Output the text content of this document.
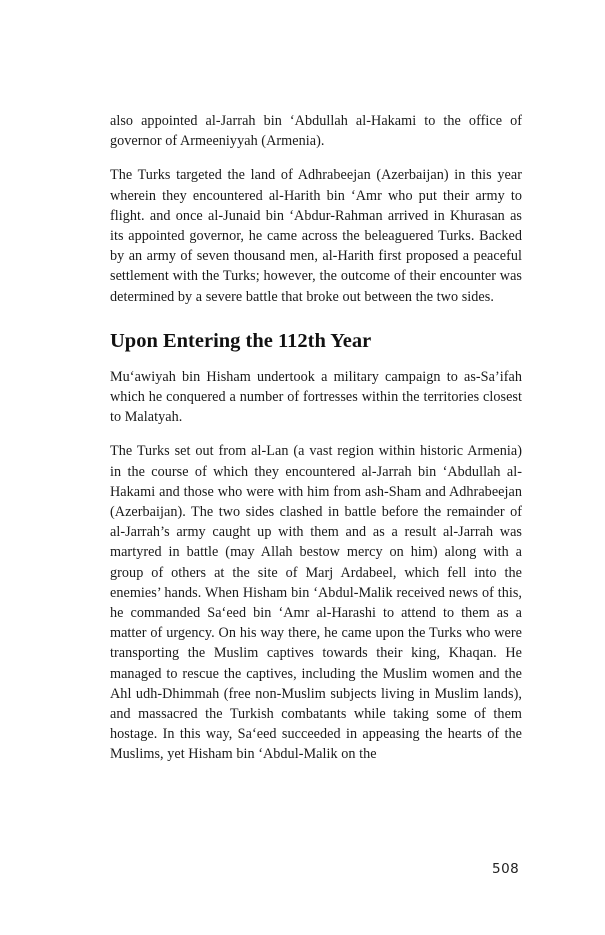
also appointed al-Jarrah bin ‘Abdullah al-Hakami to the office of governor of Armeeniyyah (Armenia).

The Turks targeted the land of Adhrabeejan (Azerbaijan) in this year wherein they encountered al-Harith bin ‘Amr who put their army to flight. and once al-Junaid bin ‘Abdur-Rahman arrived in Khurasan as its appointed governor, he came across the beleaguered Turks. Backed by an army of seven thousand men, al-Harith first proposed a peaceful settlement with the Turks; however, the outcome of their encounter was determined by a severe battle that broke out between the two sides.

Upon Entering the 112th Year

Mu‘awiyah bin Hisham undertook a military campaign to as-Sa’ifah which he conquered a number of fortresses within the territories closest to Malatyah.

The Turks set out from al-Lan (a vast region within historic Armenia) in the course of which they encountered al-Jarrah bin ‘Abdullah al-Hakami and those who were with him from ash-Sham and Adhrabeejan (Azerbaijan). The two sides clashed in battle before the remainder of al-Jarrah’s army caught up with them and as a result al-Jarrah was martyred in battle (may Allah bestow mercy on him) along with a group of others at the site of Marj Ardabeel, which fell into the enemies’ hands. When Hisham bin ‘Abdul-Malik received news of this, he commanded Sa‘eed bin ‘Amr al-Harashi to attend to them as a matter of urgency. On his way there, he came upon the Turks who were transporting the Muslim captives towards their king, Khaqan. He managed to rescue the captives, including the Muslim women and the Ahl udh-Dhimmah (free non-Muslim subjects living in Muslim lands), and massacred the Turkish combatants while taking some of them hostage. In this way, Sa‘eed succeeded in appeasing the hearts of the Muslims, yet Hisham bin ‘Abdul-Malik on the

508
